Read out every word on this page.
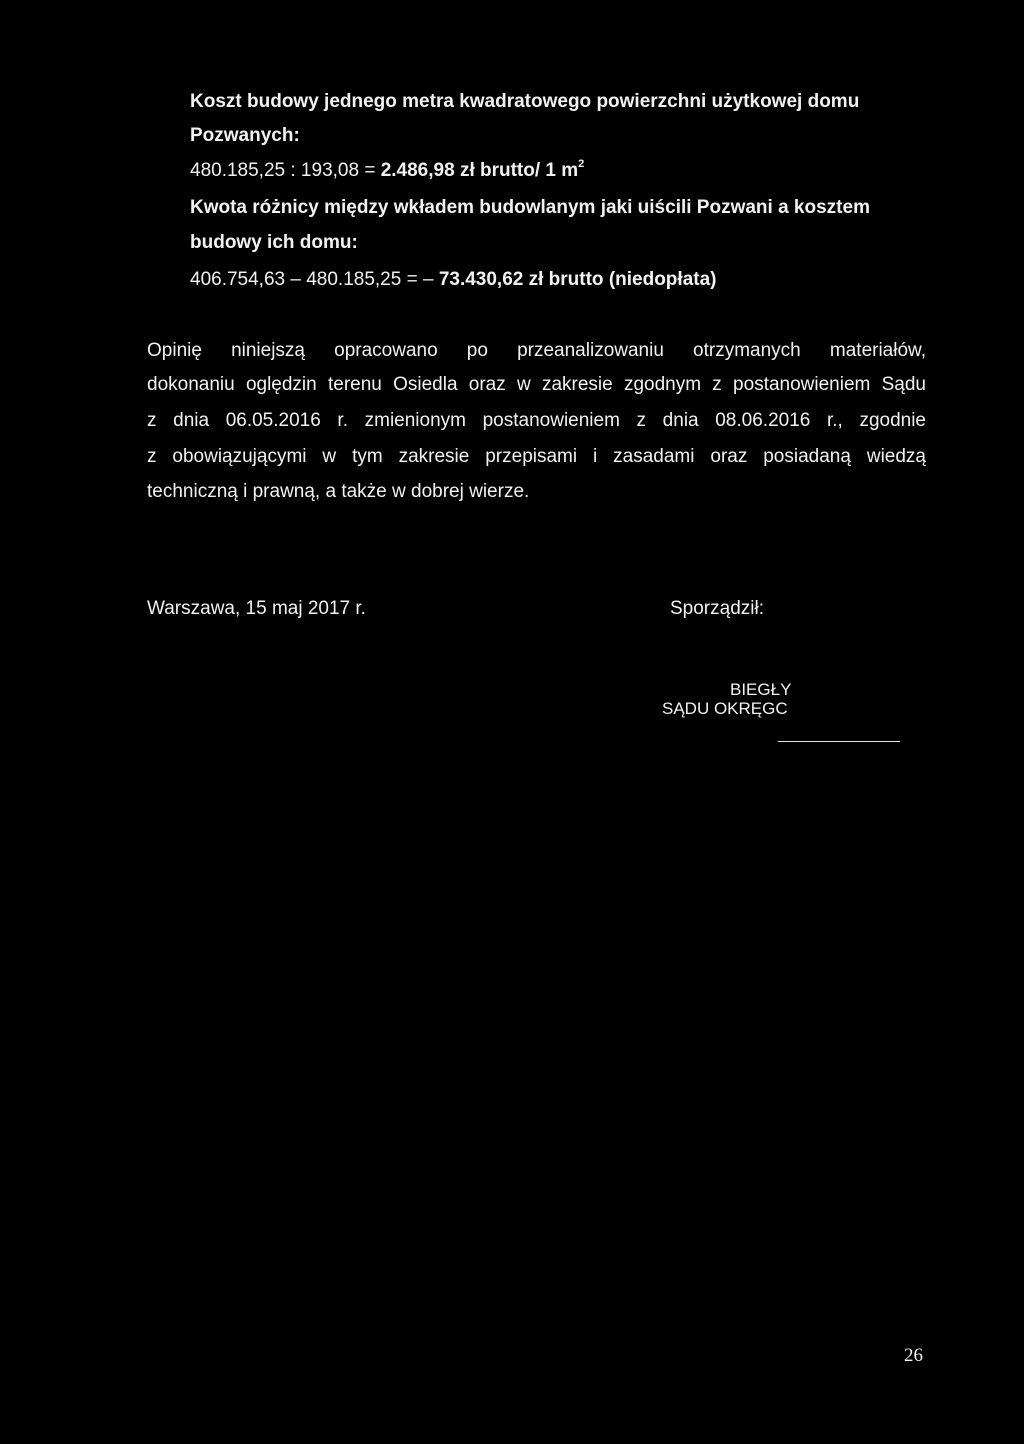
Koszt budowy jednego metra kwadratowego powierzchni użytkowej domu
Pozwanych:
480.185,25 : 193,08 = 2.486,98 zł brutto/ 1 $m^2$
Kwota różnicy między wkładem budowlanym jaki uiścili Pozwani a kosztem
budowy ich domu:
406.754,63 – 480.185,25 = – 73.430,62 zł brutto (niedopłata)
Opinię niniejszą opracowano po przeanalizowaniu otrzymanych materiałów,
dokonaniu oględzin terenu Osiedla oraz w zakresie zgodnym z postanowieniem Sądu
z dnia 06.05.2016 r. zmienionym postanowieniem z dnia 08.06.2016 r., zgodnie
z obowiązującymi w tym zakresie przepisami i zasadami oraz posiadaną wiedzą
techniczną i prawną, a także w dobrej wierze.
Warszawa, 15 maj 2017 r.	Sporządził:
BIEGŁY
SĄDU OKRĘGC
26
